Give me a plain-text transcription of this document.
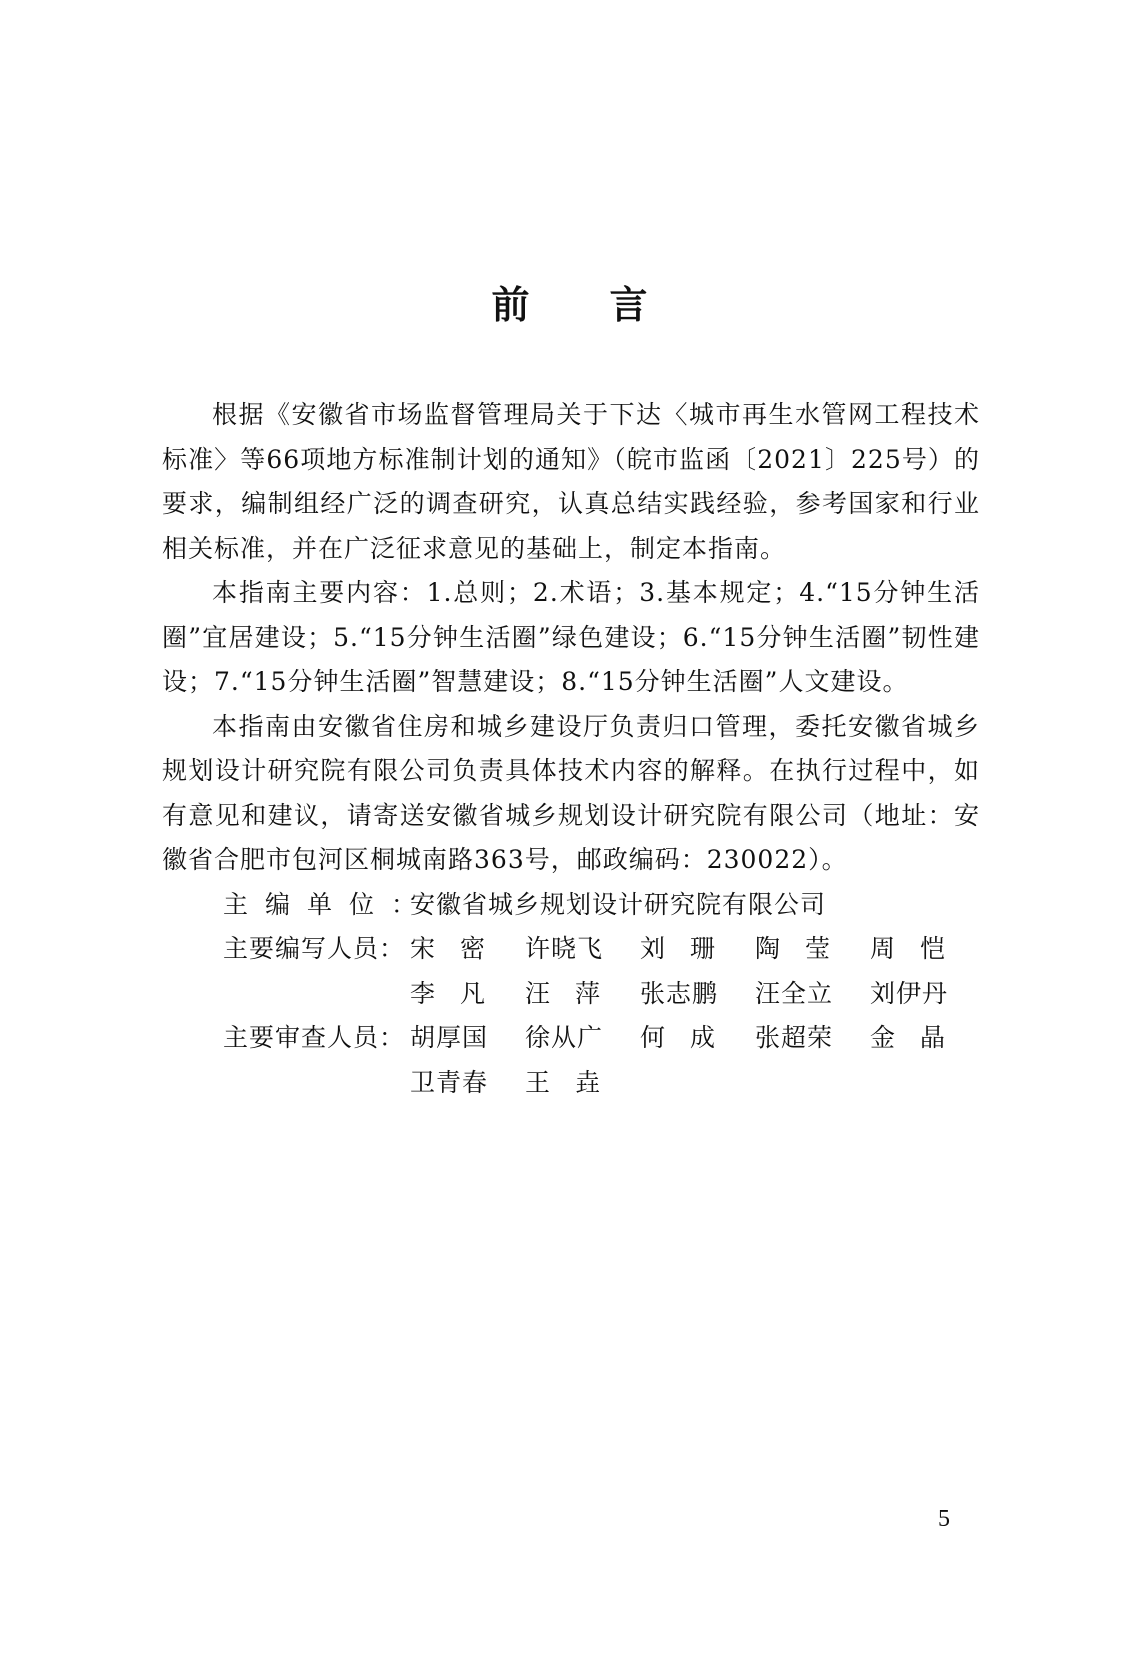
前 言

根据《安徽省市场监督管理局关于下达〈城市再生水管网工程技术标准〉等66项地方标准制计划的通知》（皖市监函〔2021〕225号）的要求，编制组经广泛的调查研究，认真总结实践经验，参考国家和行业相关标准，并在广泛征求意见的基础上，制定本指南。

本指南主要内容：1.总则；2.术语；3.基本规定；4.“15分钟生活圈”宜居建设；5.“15分钟生活圈”绿色建设；6.“15分钟生活圈”韧性建设；7.“15分钟生活圈”智慧建设；8.“15分钟生活圈”人文建设。

本指南由安徽省住房和城乡建设厅负责归口管理，委托安徽省城乡规划设计研究院有限公司负责具体技术内容的解释。在执行过程中，如有意见和建议，请寄送安徽省城乡规划设计研究院有限公司（地址：安徽省合肥市包河区桐城南路363号，邮政编码：230022）。

主编单位：
安徽省城乡规划设计研究院有限公司
主要编写人员： 宋密 许晓飞	刘珊 陶莹 周恺
李凡 汪萍 张志鹏	汪全立	刘伊丹
主要审查人员： 胡厚国	徐从广	何成 张超荣	金晶
卫青春	王垚
5
